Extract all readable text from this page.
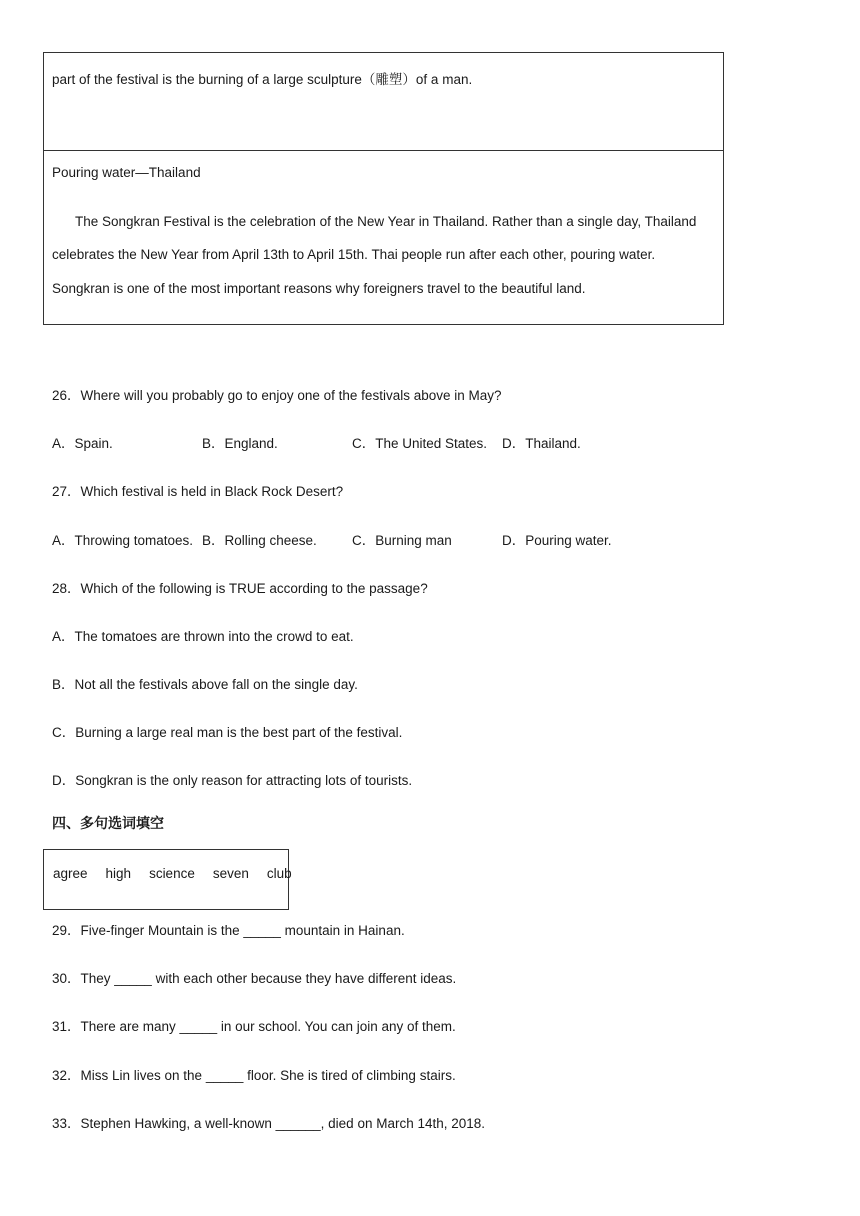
part of the festival is the burning of a large sculpture（雕塑）of a man.
Pouring water—Thailand
The Songkran Festival is the celebration of the New Year in Thailand. Rather than a single day, Thailand
celebrates the New Year from April 13th to April 15th. Thai people run after each other, pouring water.
Songkran is one of the most important reasons why foreigners travel to the beautiful land.
26．Where will you probably go to enjoy one of the festivals above in May?
A．Spain.	B．England.	C．The United States. D．Thailand.
27．Which festival is held in Black Rock Desert?
A．Throwing tomatoes. B．Rolling cheese.	C．Burning man	D．Pouring water.
28．Which of the following is TRUE according to the passage?
A．The tomatoes are thrown into the crowd to eat.
B．Not all the festivals above fall on the single day.
C．Burning a large real man is the best part of the festival.
D．Songkran is the only reason for attracting lots of tourists.
四、多句选词填空
agree high science seven club
29．Five-finger Mountain is the _____ mountain in Hainan.
30．They _____ with each other because they have different ideas.
31．There are many _____ in our school. You can join any of them.
32．Miss Lin lives on the _____ floor. She is tired of climbing stairs.
33．Stephen Hawking, a well-known ______, died on March 14th, 2018.
